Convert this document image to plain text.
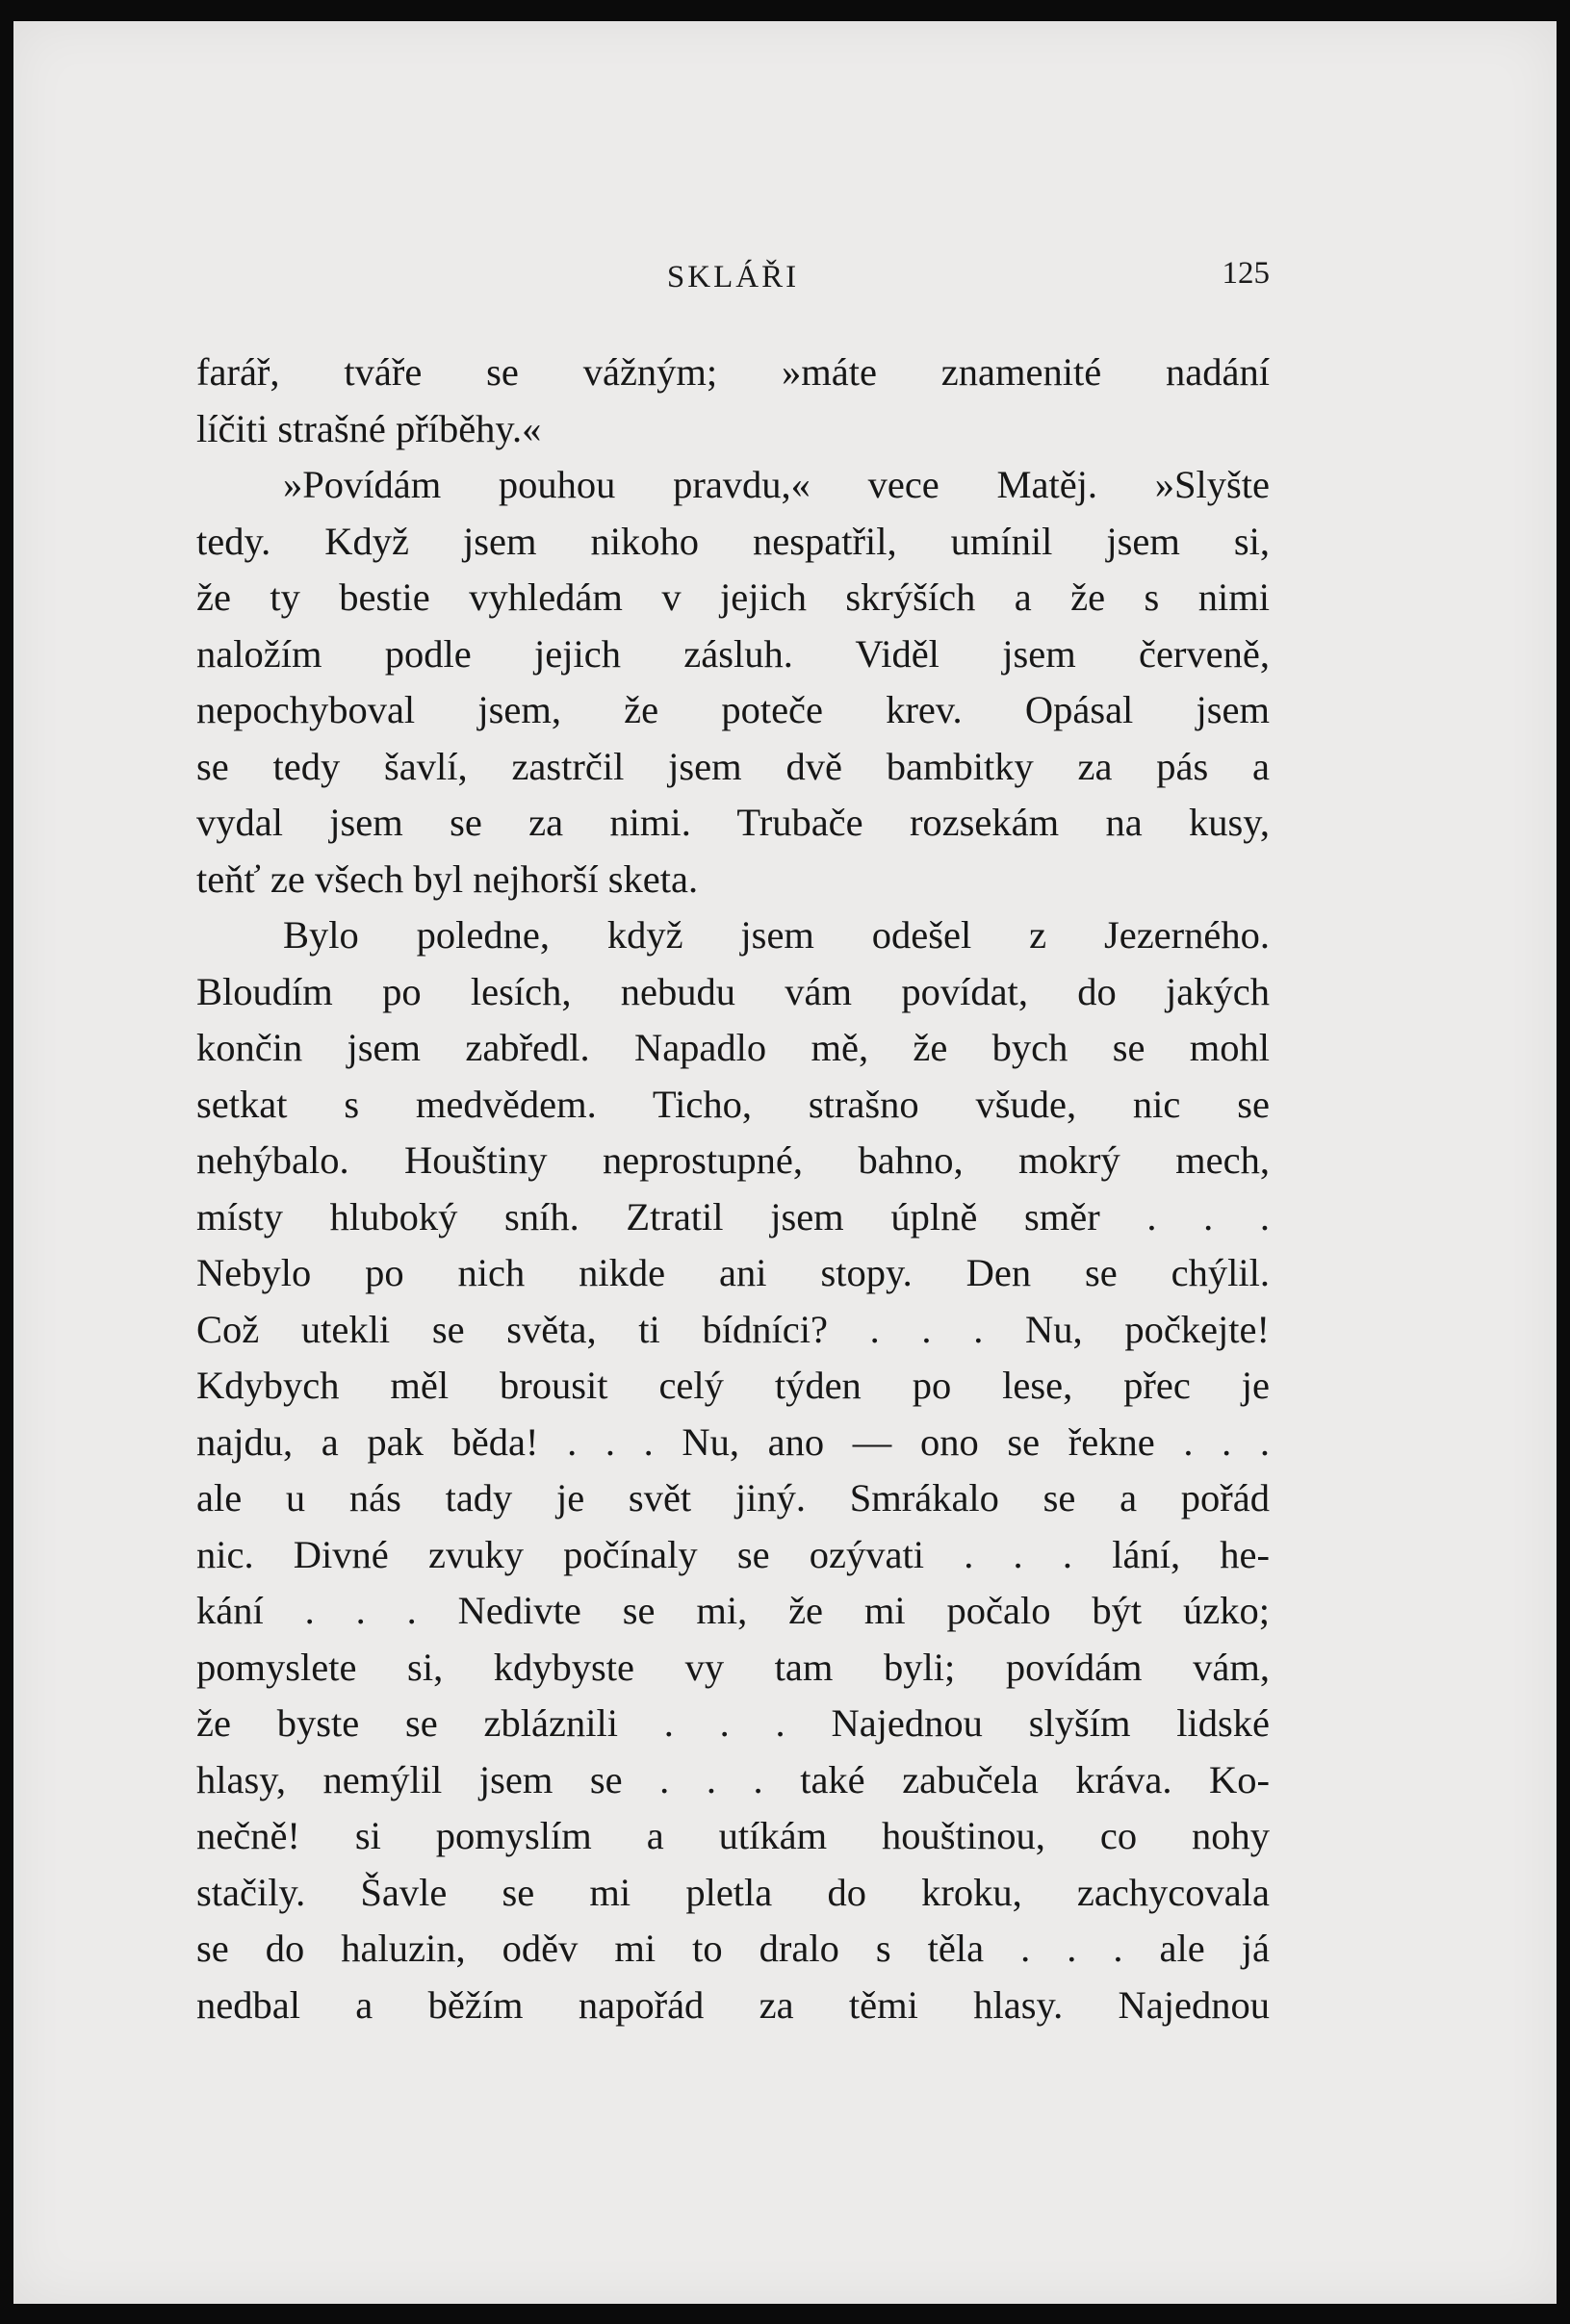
SKLÁŘI	125
farář, tváře se vážným; »máte znamenité nadání
líčiti strašné příběhy.«
»Povídám pouhou pravdu,« vece Matěj. »Slyšte
tedy. Když jsem nikoho nespatřil, umínil jsem si,
že ty bestie vyhledám v jejich skrýších a že s nimi
naložím podle jejich zásluh. Viděl jsem červeně,
nepochyboval jsem, že poteče krev. Opásal jsem
se tedy šavlí, zastrčil jsem dvě bambitky za pás a
vydal jsem se za nimi. Trubače rozsekám na kusy,
teňť ze všech byl nejhorší sketa.
Bylo poledne, když jsem odešel z Jezerného.
Bloudím po lesích, nebudu vám povídat, do jakých
končin jsem zabředl. Napadlo mě, že bych se mohl
setkat s medvědem. Ticho, strašno všude, nic se
nehýbalo. Houštiny neprostupné, bahno, mokrý mech,
místy hluboký sníh. Ztratil jsem úplně směr . . .
Nebylo po nich nikde ani stopy. Den se chýlil.
Což utekli se světa, ti bídníci? . . . Nu, počkejte!
Kdybych měl brousit celý týden po lese, přec je
najdu, a pak běda! . . . Nu, ano — ono se řekne . . .
ale u nás tady je svět jiný. Smrákalo se a pořád
nic. Divné zvuky počínaly se ozývati . . . lání, he-
kání . . . Nedivte se mi, že mi počalo být úzko;
pomyslete si, kdybyste vy tam byli; povídám vám,
že byste se zbláznili . . . Najednou slyším lidské
hlasy, nemýlil jsem se . . . také zabučela kráva. Ko-
nečně! si pomyslím a utíkám houštinou, co nohy
stačily. Šavle se mi pletla do kroku, zachycovala
se do haluzin, oděv mi to dralo s těla . . . ale já
nedbal a běžím napořád za těmi hlasy. Najednou
